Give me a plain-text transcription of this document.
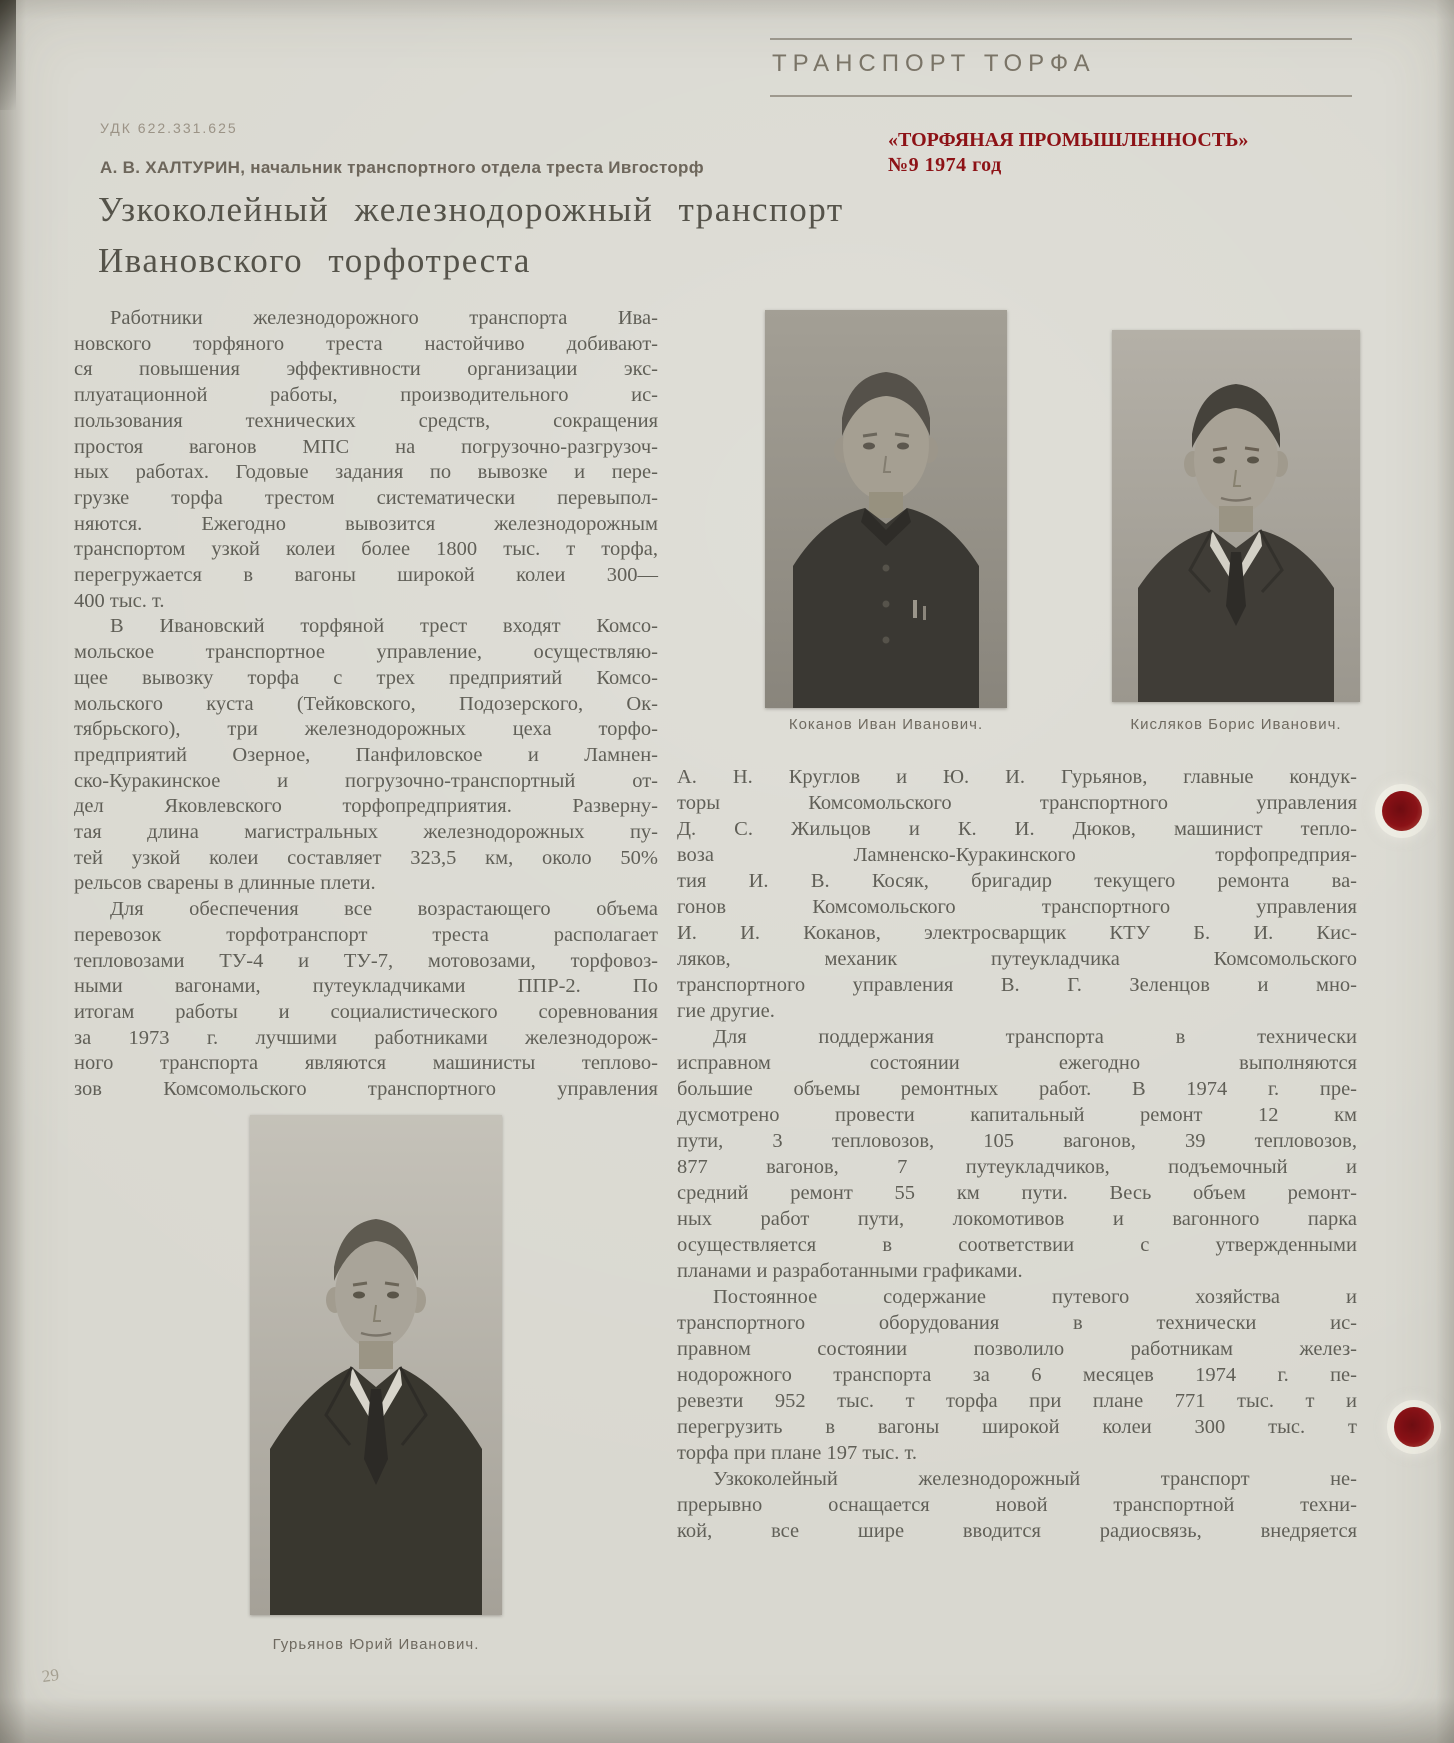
ТРАНСПОРТ ТОРФА
«ТОРФЯНАЯ ПРОМЫШЛЕННОСТЬ»
№9 1974 год
УДК 622.331.625
А. В. ХАЛТУРИН, начальник транспортного отдела треста Ивгосторф
Узкоколейный железнодорожный транспорт
Ивановского торфотреста
Работники железнодорожного транспорта Ива-
новского торфяного треста настойчиво добивают-
ся повышения эффективности организации экс-
плуатационной работы, производительного ис-
пользования технических средств, сокращения
простоя вагонов МПС на погрузочно-разгрузоч-
ных работах. Годовые задания по вывозке и пере-
грузке торфа трестом систематически перевыпол-
няются. Ежегодно вывозится железнодорожным
транспортом узкой колеи более 1800 тыс. т торфа,
перегружается в вагоны широкой колеи 300—
400 тыс. т.
В Ивановский торфяной трест входят Комсо-
мольское транспортное управление, осуществляю-
щее вывозку торфа с трех предприятий Комсо-
мольского куста (Тейковского, Подозерского, Ок-
тябрьского), три железнодорожных цеха торфо-
предприятий Озерное, Панфиловское и Ламнен-
ско-Куракинское и погрузочно-транспортный от-
дел Яковлевского торфопредприятия. Разверну-
тая длина магистральных железнодорожных пу-
тей узкой колеи составляет 323,5 км, около 50%
рельсов сварены в длинные плети.
Для обеспечения все возрастающего объема
перевозок торфотранспорт треста располагает
тепловозами ТУ-4 и ТУ-7, мотовозами, торфовоз-
ными вагонами, путеукладчиками ППР-2. По
итогам работы и социалистического соревнования
за 1973 г. лучшими работниками железнодорож-
ного транспорта являются машинисты теплово-
зов Комсомольского транспортного управления
А. Н. Круглов и Ю. И. Гурьянов, главные кондук-
торы Комсомольского транспортного управления
Д. С. Жильцов и К. И. Дюков, машинист тепло-
воза Ламненско-Куракинского торфопредприя-
тия И. В. Косяк, бригадир текущего ремонта ва-
гонов Комсомольского транспортного управления
И. И. Коканов, электросварщик КТУ Б. И. Кис-
ляков, механик путеукладчика Комсомольского
транспортного управления В. Г. Зеленцов и мно-
гие другие.
Для поддержания транспорта в технически
исправном состоянии ежегодно выполняются
большие объемы ремонтных работ. В 1974 г. пре-
дусмотрено провести капитальный ремонт 12 км
пути, 3 тепловозов, 105 вагонов, 39 тепловозов,
877 вагонов, 7 путеукладчиков, подъемочный и
средний ремонт 55 км пути. Весь объем ремонт-
ных работ пути, локомотивов и вагонного парка
осуществляется в соответствии с утвержденными
планами и разработанными графиками.
Постоянное содержание путевого хозяйства и
транспортного оборудования в технически ис-
правном состоянии позволило работникам желез-
нодорожного транспорта за 6 месяцев 1974 г. пе-
ревезти 952 тыс. т торфа при плане 771 тыс. т и
перегрузить в вагоны широкой колеи 300 тыс. т
торфа при плане 197 тыс. т.
Узкоколейный железнодорожный транспорт не-
прерывно оснащается новой транспортной техни-
кой, все шире вводится радиосвязь, внедряется
Коканов Иван Иванович.	Кисляков Борис Иванович.
Гурьянов Юрий Иванович.
29
